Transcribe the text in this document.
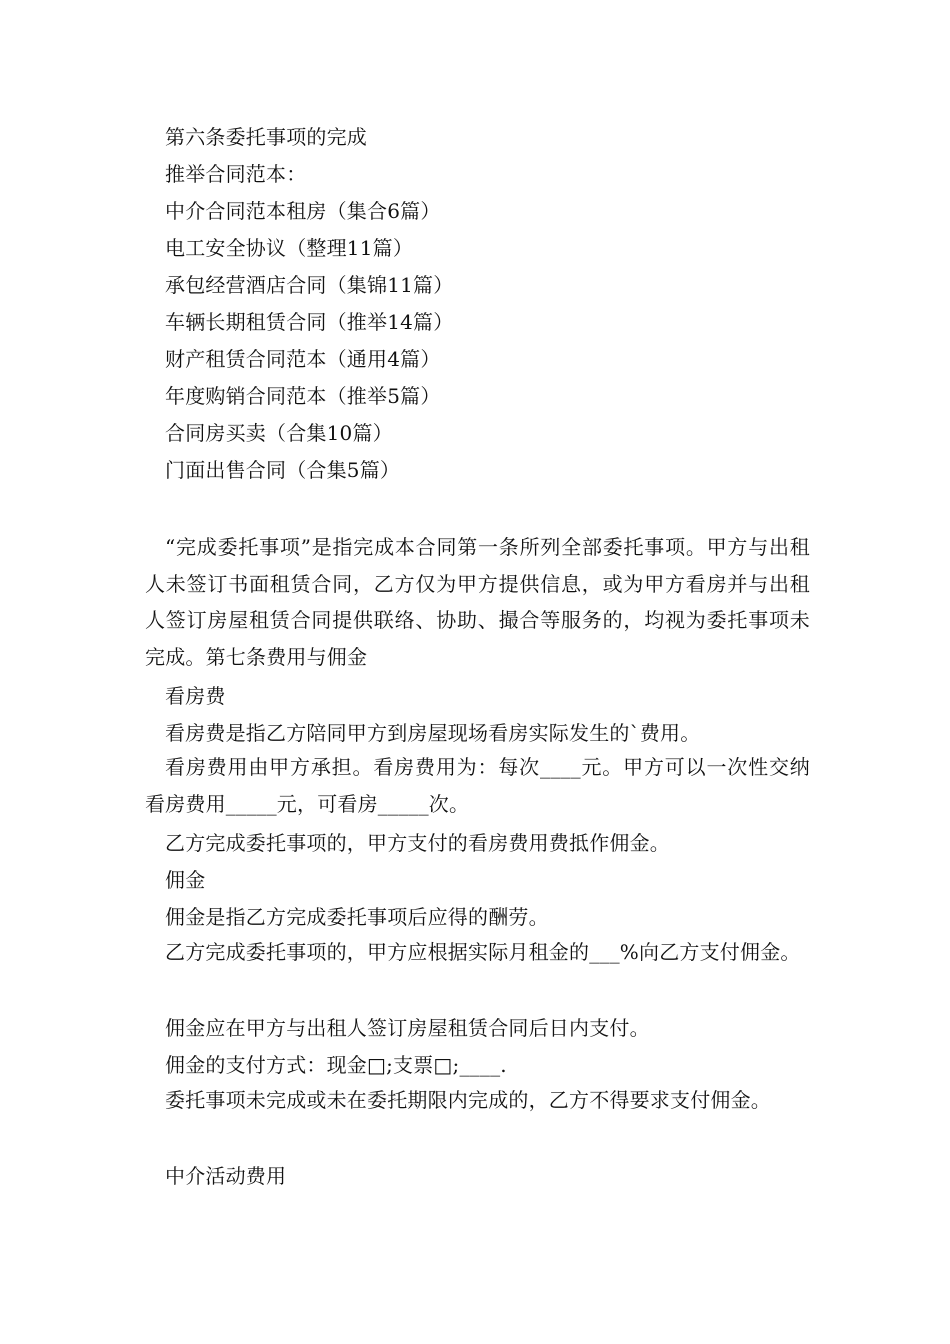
第六条委托事项的完成
推举合同范本：
中介合同范本租房（集合6篇）
电工安全协议（整理11篇）
承包经营酒店合同（集锦11篇）
车辆长期租赁合同（推举14篇）
财产租赁合同范本（通用4篇）
年度购销合同范本（推举5篇）
合同房买卖（合集10篇）
门面出售合同（合集5篇）
“完成委托事项”是指完成本合同第一条所列全部委托事项。甲方与出租人未签订书面租赁合同，乙方仅为甲方提供信息，或为甲方看房并与出租人签订房屋租赁合同提供联络、协助、撮合等服务的，均视为委托事项未完成。第七条费用与佣金
看房费
看房费是指乙方陪同甲方到房屋现场看房实际发生的`费用。
看房费用由甲方承担。看房费用为：每次____元。甲方可以一次性交纳看房费用_____元，可看房_____次。
乙方完成委托事项的，甲方支付的看房费用费抵作佣金。
佣金
佣金是指乙方完成委托事项后应得的酬劳。
乙方完成委托事项的，甲方应根据实际月租金的___%向乙方支付佣金。
佣金应在甲方与出租人签订房屋租赁合同后日内支付。
佣金的支付方式：现金□;支票□;____.
委托事项未完成或未在委托期限内完成的，乙方不得要求支付佣金。
中介活动费用
